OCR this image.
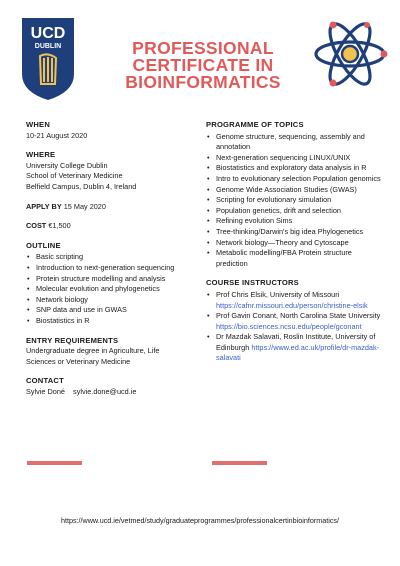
UCD
DUBLIN	PROFESSIONAL
CERTIFICATE IN
BIOINFORMATICS
WHEN
10-21 August 2020
WHERE
University College Dublin
School of Veterinary Medicine
Belfield Campus, Dublin 4, Ireland
APPLY BY 15 May 2020
COST €1,500
OUTLINE
• Basic scripting
• Introduction to next-generation sequencing
• Protein structure modelling and analysis
• Molecular evolution and phylogenetics
• Network biology
• SNP data and use in GWAS
• Biostatistics in R
ENTRY REQUIREMENTS
Undergraduate degree in Agriculture, Life
Sciences or Veterinary Medicine
CONTACT
Sylvie Doné sylvie.done@ucd.ie
PROGRAMME OF TOPICS
• Genome structure, sequencing, assembly and annotation
• Next-generation sequencing LINUX/UNIX
• Biostatistics and exploratory data analysis in R
• Intro to evolutionary selection Population genomics
• Genome Wide Association Studies (GWAS)
• Scripting for evolutionary simulation
• Population genetics, drift and selection
• Refining evolution Sims
• Tree-thinking/Darwin's big idea Phylogenetics
• Network biology—Theory and Cytoscape
• Metabolic modelling/FBA Protein structure prediction
COURSE INSTRUCTORS
• Prof Chris Elsik, University of Missouri
https://cafnr.missouri.edu/person/christine-elsik
• Prof Gavin Conant, North Carolina State University
https://bio.sciences.ncsu.edu/people/gconant
• Dr Mazdak Salavati, Roslin Institute, University of Edinburgh https://www.ed.ac.uk/profile/dr-mazdak-salavati
https://www.ucd.ie/vetmed/study/graduateprogrammes/professionalcertinbioinformatics/
